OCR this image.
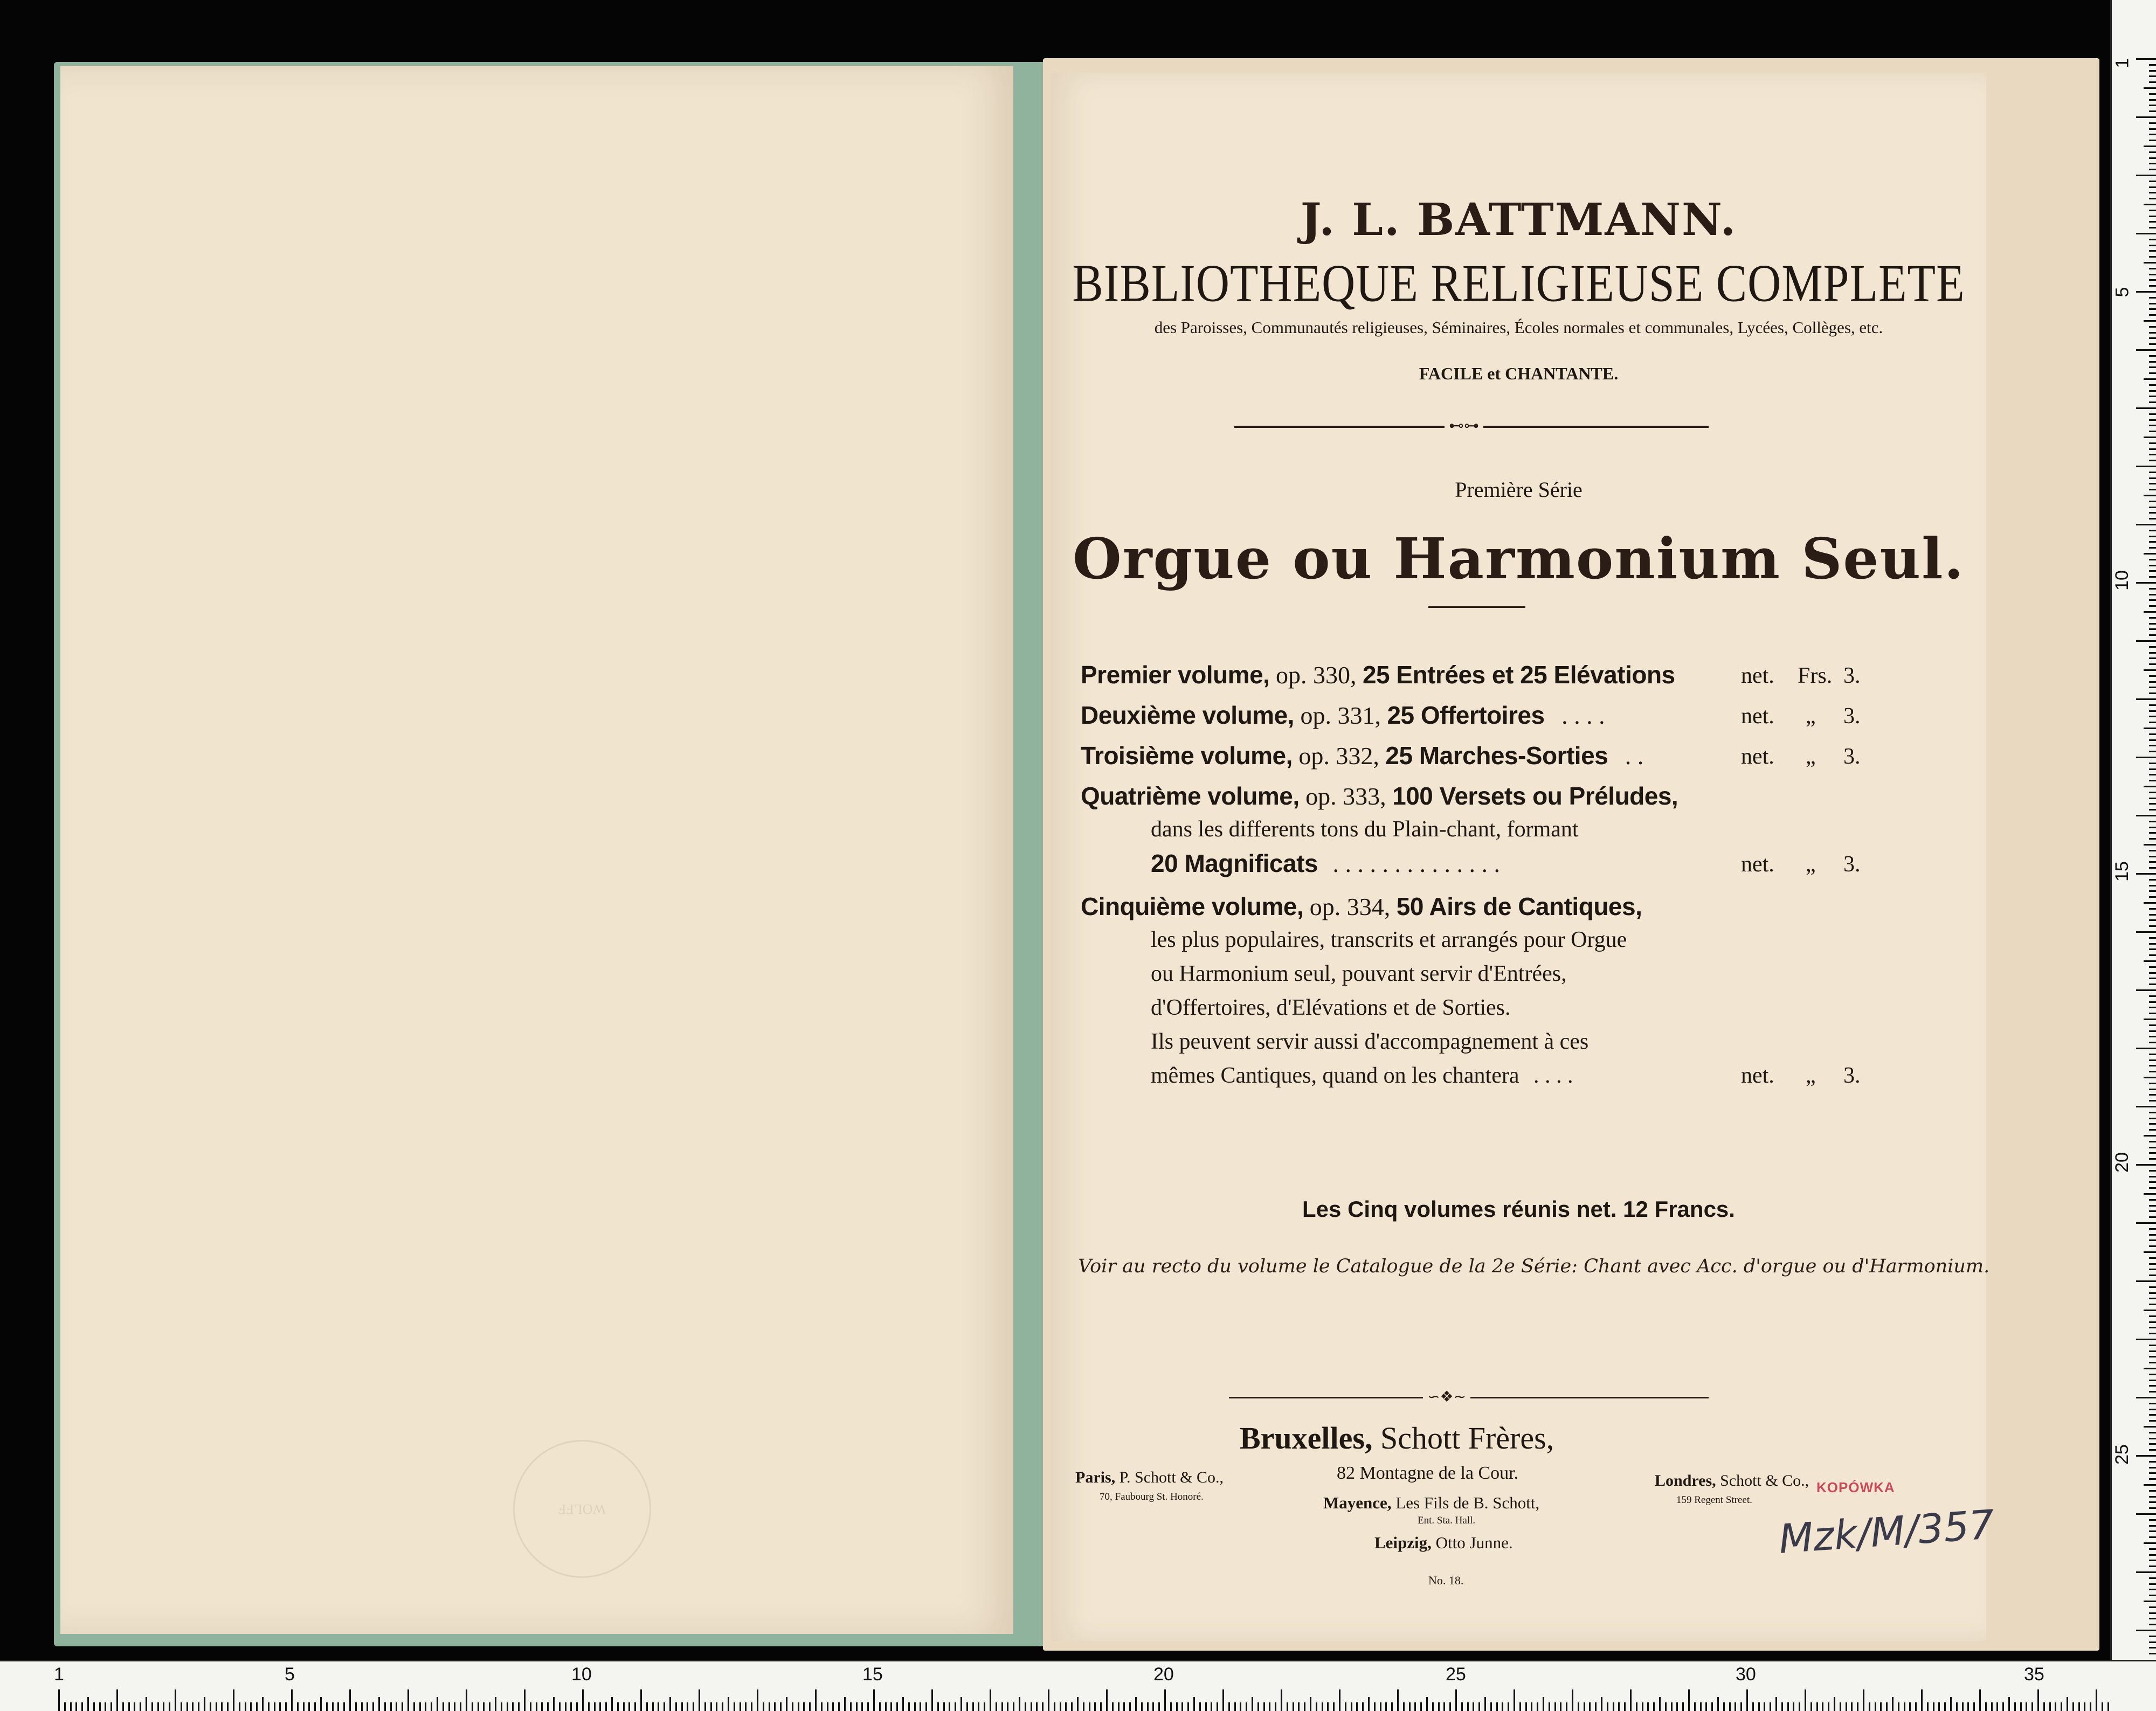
WOLFF
J. L. BATTMANN.
BIBLIOTHEQUE RELIGIEUSE COMPLETE
des Paroisses, Communautés religieuses, Séminaires, Écoles normales et communales, Lycées, Collèges, etc.
FACILE et CHANTANTE.
⊷⊶
Première Série
Orgue ou Harmonium Seul.
Premier volume, op. 330, 25 Entrées et 25 Elévations	net. Frs. 3.
Deuxième volume, op. 331, 25 Offertoires . . . .	net. „ 3.
Troisième volume, op. 332, 25 Marches-Sorties . .	net. „ 3.
Quatrième volume, op. 333, 100 Versets ou Préludes,
dans les differents tons du Plain-chant, formant
20 Magnificats . . . . . . . . . . . . . .	net. „ 3.
Cinquième volume, op. 334, 50 Airs de Cantiques,
les plus populaires, transcrits et arrangés pour Orgue
ou Harmonium seul, pouvant servir d'Entrées,
d'Offertoires, d'Elévations et de Sorties.
Ils peuvent servir aussi d'accompagnement à ces
mêmes Cantiques, quand on les chantera . . . .	net. „ 3.
Les Cinq volumes réunis net. 12 Francs.
Voir au recto du volume le Catalogue de la 2e Série: Chant avec Acc. d'orgue ou d'Harmonium.
∽❖∼
Bruxelles, Schott Frères,
82 Montagne de la Cour.
Paris, P. Schott & Co.,
70, Faubourg St. Honoré.
Londres, Schott & Co.,
159 Regent Street.
Mayence, Les Fils de B. Schott,
Ent. Sta. Hall.
Leipzig, Otto Junne.
No. 18.
KOPÓWKA
Mzk/M/357
1	5	10	15	20	25	30	35
1
5
10
15
20
25
